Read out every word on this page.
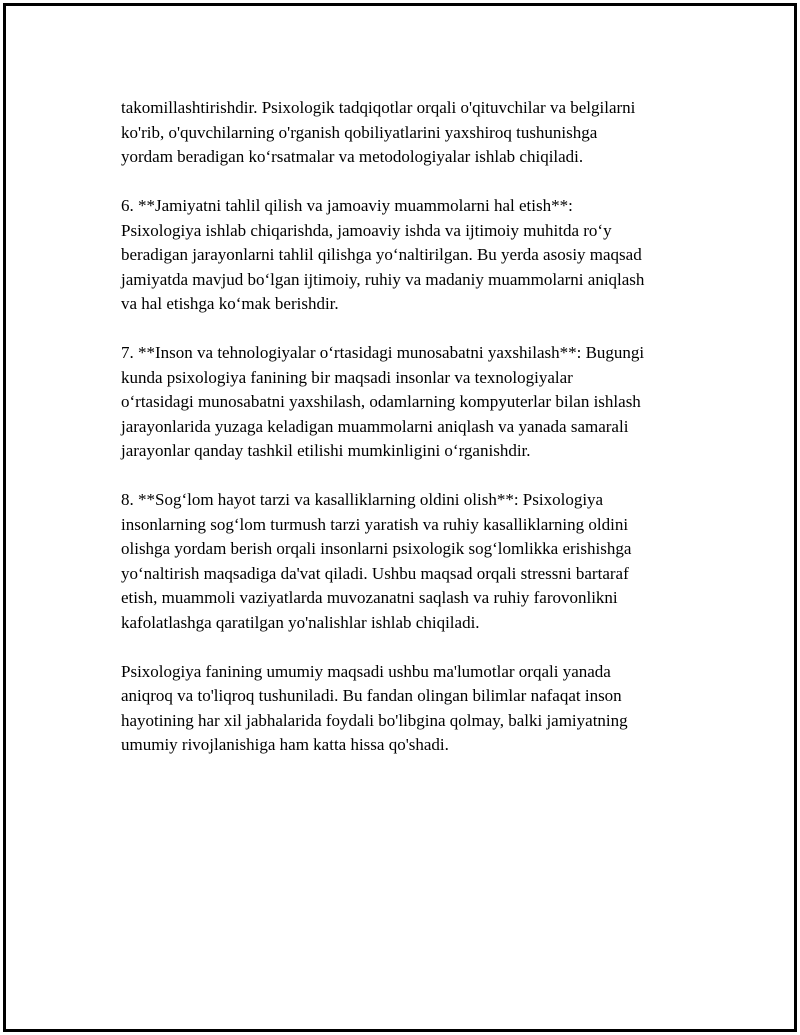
takomillashtirishdir. Psixologik tadqiqotlar orqali o'qituvchilar va belgilarni
ko'rib, o'quvchilarning o'rganish qobiliyatlarini yaxshiroq tushunishga
yordam beradigan ko‘rsatmalar va metodologiyalar ishlab chiqiladi.

6. **Jamiyatni tahlil qilish va jamoaviy muammolarni hal etish**:
Psixologiya ishlab chiqarishda, jamoaviy ishda va ijtimoiy muhitda ro‘y
beradigan jarayonlarni tahlil qilishga yo‘naltirilgan. Bu yerda asosiy maqsad
jamiyatda mavjud bo‘lgan ijtimoiy, ruhiy va madaniy muammolarni aniqlash
va hal etishga ko‘mak berishdir.

7. **Inson va tehnologiyalar o‘rtasidagi munosabatni yaxshilash**: Bugungi
kunda psixologiya fanining bir maqsadi insonlar va texnologiyalar
o‘rtasidagi munosabatni yaxshilash, odamlarning kompyuterlar bilan ishlash
jarayonlarida yuzaga keladigan muammolarni aniqlash va yanada samarali
jarayonlar qanday tashkil etilishi mumkinligini o‘rganishdir.

8. **Sog‘lom hayot tarzi va kasalliklarning oldini olish**: Psixologiya
insonlarning sog‘lom turmush tarzi yaratish va ruhiy kasalliklarning oldini
olishga yordam berish orqali insonlarni psixologik sog‘lomlikka erishishga
yo‘naltirish maqsadiga da'vat qiladi. Ushbu maqsad orqali stressni bartaraf
etish, muammoli vaziyatlarda muvozanatni saqlash va ruhiy farovonlikni
kafolatlashga qaratilgan yo'nalishlar ishlab chiqiladi.

Psixologiya fanining umumiy maqsadi ushbu ma'lumotlar orqali yanada
aniqroq va to'liqroq tushuniladi. Bu fandan olingan bilimlar nafaqat inson
hayotining har xil jabhalarida foydali bo'libgina qolmay, balki jamiyatning
umumiy rivojlanishiga ham katta hissa qo'shadi.
